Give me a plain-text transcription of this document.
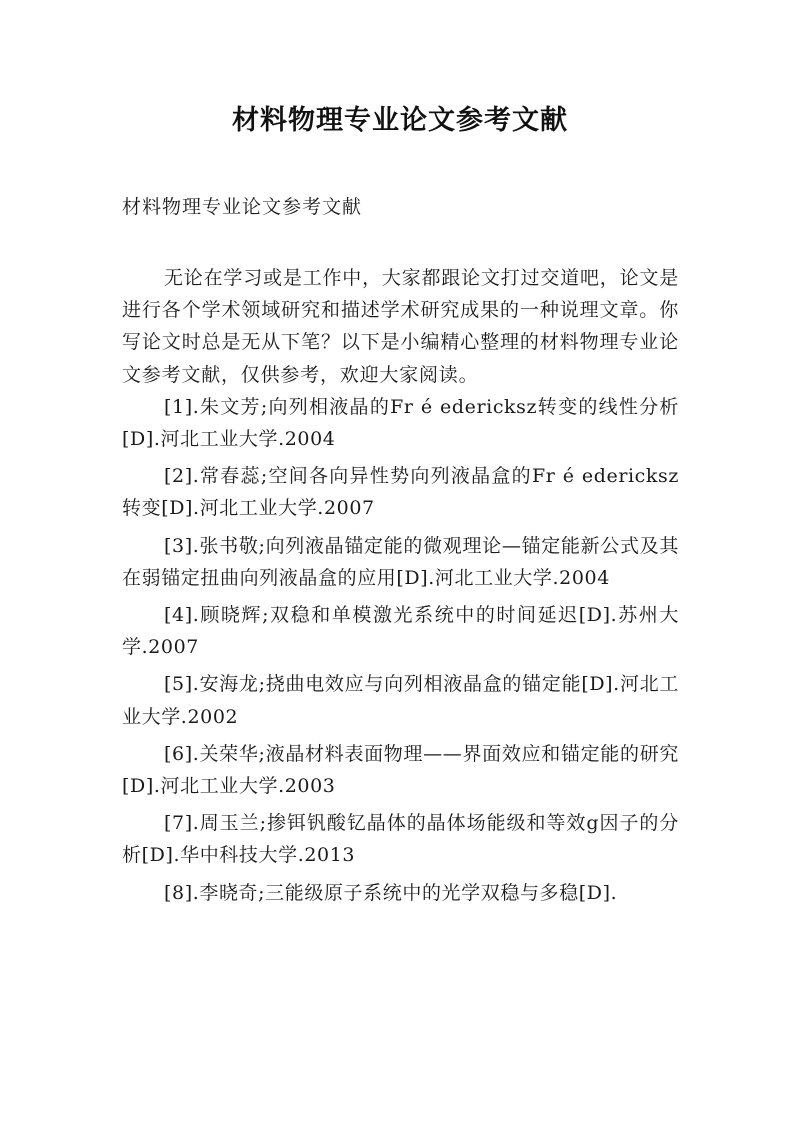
材料物理专业论文参考文献
材料物理专业论文参考文献

无论在学习或是工作中，大家都跟论文打过交道吧，论文是进行各个学术领域研究和描述学术研究成果的一种说理文章。你写论文时总是无从下笔？以下是小编精心整理的材料物理专业论文参考文献，仅供参考，欢迎大家阅读。

[1].朱文芳;向列相液晶的Fr é edericksz转变的线性分析[D].河北工业大学.2004

[2].常春蕊;空间各向异性势向列液晶盒的Fr é edericksz转变[D].河北工业大学.2007

[3].张书敬;向列液晶锚定能的微观理论—锚定能新公式及其在弱锚定扭曲向列液晶盒的应用[D].河北工业大学.2004

[4].顾晓辉;双稳和单模激光系统中的时间延迟[D].苏州大学.2007

[5].安海龙;挠曲电效应与向列相液晶盒的锚定能[D].河北工业大学.2002

[6].关荣华;液晶材料表面物理——界面效应和锚定能的研究[D].河北工业大学.2003

[7].周玉兰;掺铒钒酸钇晶体的晶体场能级和等效g因子的分析[D].华中科技大学.2013

[8].李晓奇;三能级原子系统中的光学双稳与多稳[D].
